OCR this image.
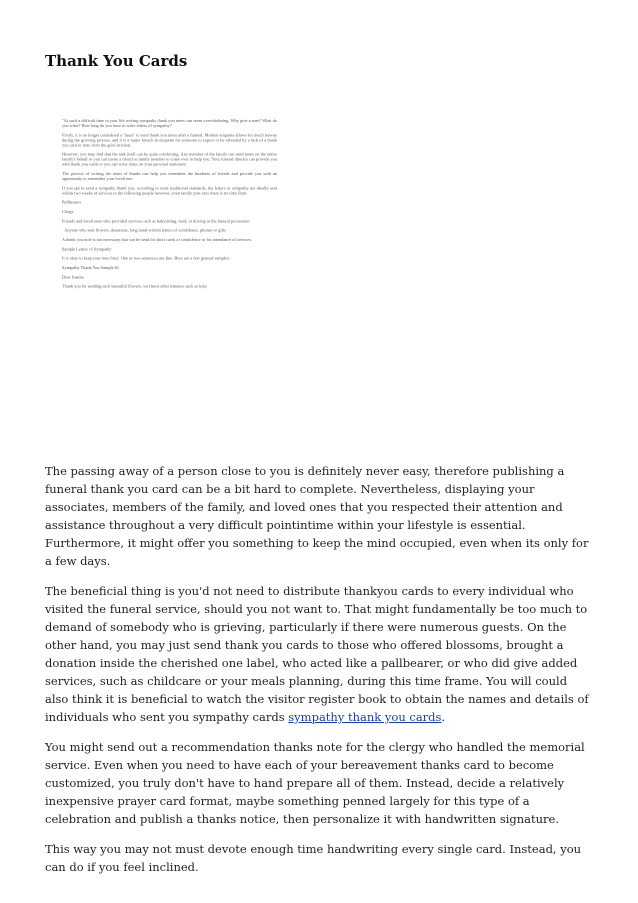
Thank You Cards

"At such a difficult time in your life writing sympathy thank you notes can seem overwhelming. Why give a note? What do you write? How long do you have to write letters of sympathy?

Firstly, it is no longer considered a "must" to send thank you notes after a funeral. Modern etiquette allows for much leeway during the grieving process, and it is a major breach in etiquette for someone to expect or be offended by a lack of a thank you card or note from the grief stricken.

However, you may find that the task itself can be quite comforting. Any member of the family can send notes on the entire family's behalf or you can invite a friend or family member to come over to help you. Your funeral director can provide you with thank you cards or you can write notes on your personal stationery.

The process of writing the notes of thanks can help you remember the kindness of friends and provide you with an opportunity to remember your loved one.

If you opt to send a sympathy thank you, according to most traditional standards, the letters of sympathy are ideally sent within two weeks of services to the following people however, even family post says there is no time limit.

Pallbearers

Clergy

Friends and loved ones who provided services such as babysitting, food, or driving in the funeral procession

· Anyone who sent flowers, donations, long hand-written letters of condolence, phones or gifts

A thank you note is not necessary that can be send for short cards of condolence or for attendance of services.

Sample Letters of Sympathy

It is okay to keep your note brief. One or two sentences are fine. Here are a few general samples:

Sympathy Thank You Sample #1

Dear Joanne,

Thank you for sending such beautiful flowers, we (most other instance such as help

The passing away of a person close to you is definitely never easy, therefore publishing a funeral thank you card can be a bit hard to complete. Nevertheless, displaying your associates, members of the family, and loved ones that you respected their attention and assistance throughout a very difficult pointintime within your lifestyle is essential. Furthermore, it might offer you something to keep the mind occupied, even when its only for a few days.

The beneficial thing is you'd not need to distribute thankyou cards to every individual who visited the funeral service, should you not want to. That might fundamentally be too much to demand of somebody who is grieving, particularly if there were numerous guests. On the other hand, you may just send thank you cards to those who offered blossoms, brought a donation inside the cherished one label, who acted like a pallbearer, or who did give added services, such as childcare or your meals planning, during this time frame. You will could also think it is beneficial to watch the visitor register book to obtain the names and details of individuals who sent you sympathy cards sympathy thank you cards.

You might send out a recommendation thanks note for the clergy who handled the memorial service. Even when you need to have each of your bereavement thanks card to become customized, you truly don't have to hand prepare all of them. Instead, decide a relatively inexpensive prayer card format, maybe something penned largely for this type of a celebration and publish a thanks notice, then personalize it with handwritten signature.

This way you may not must devote enough time handwriting every single card. Instead, you can do if you feel inclined.
